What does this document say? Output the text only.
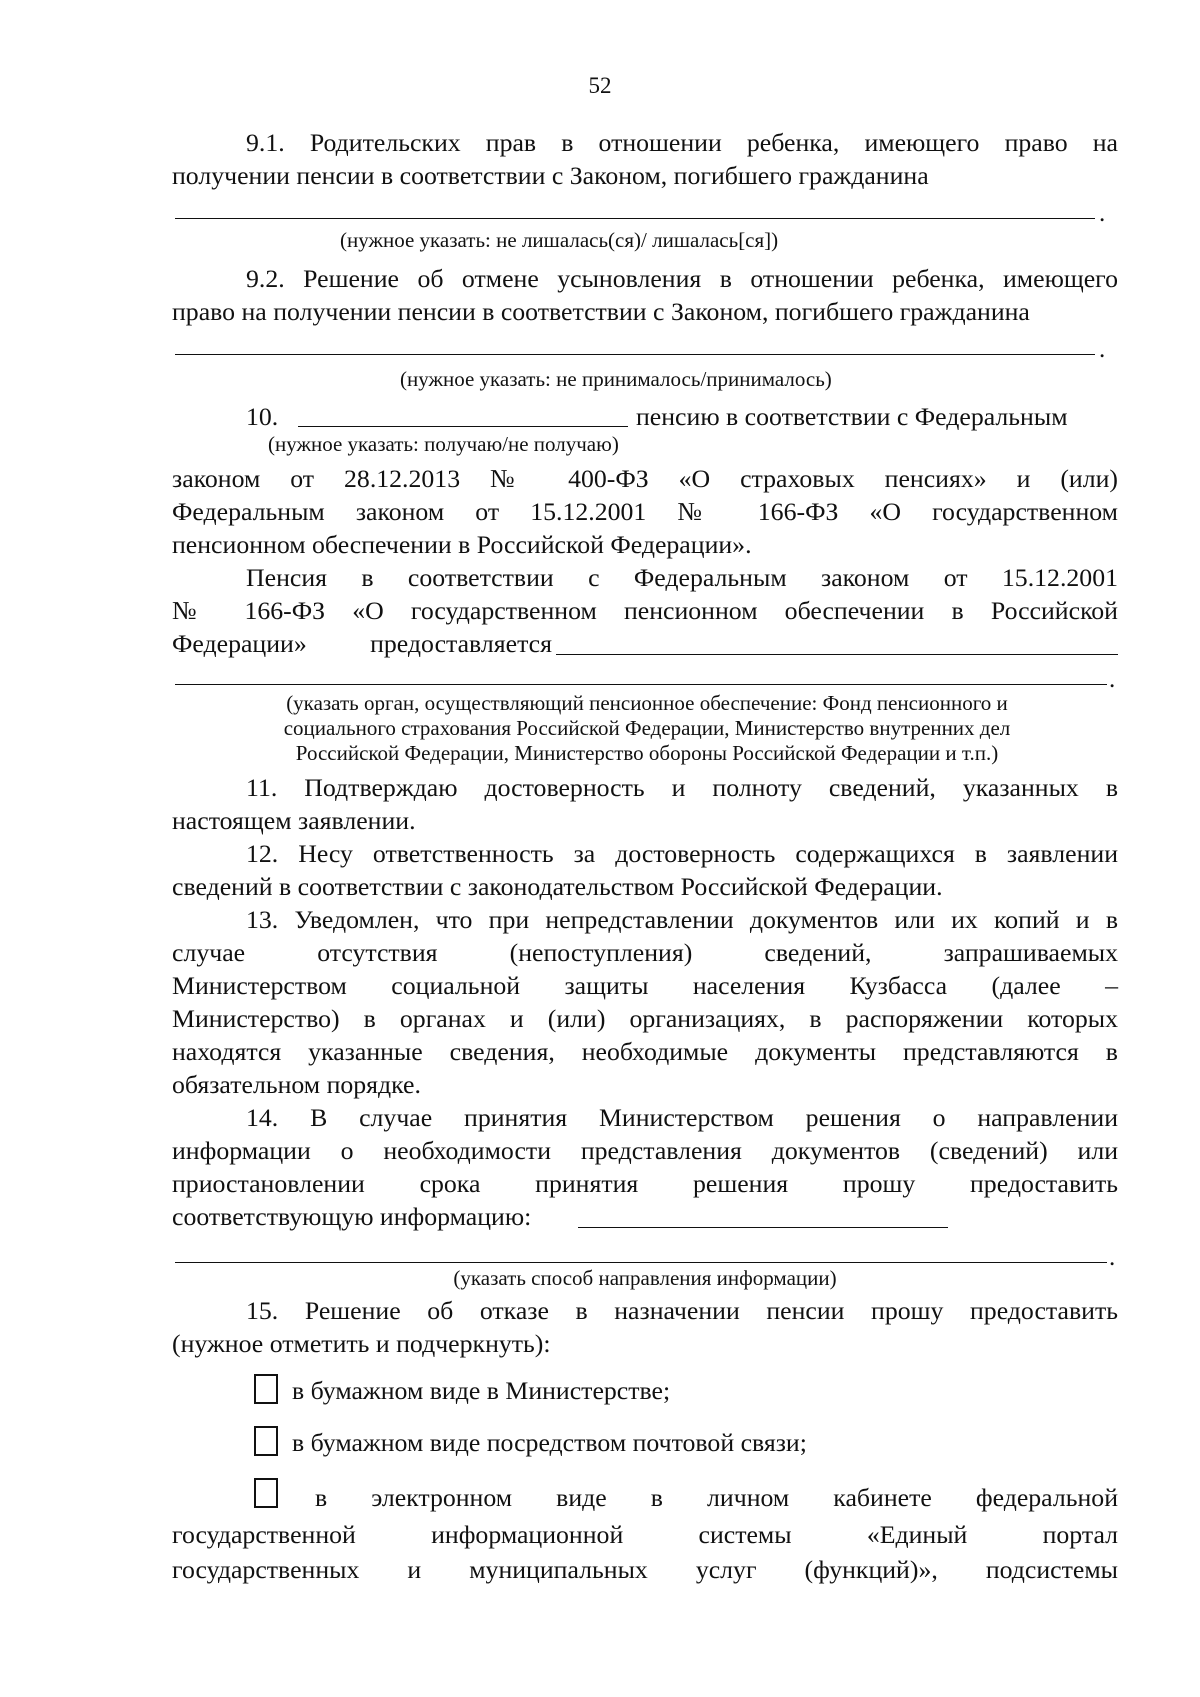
52

9.1. Родительских прав в отношении ребенка, имеющего право на

получении пенсии в соответствии с Законом, погибшего гражданина

.

(нужное указать: не лишалась(ся)/ лишалась[ся])

9.2. Решение об отмене усыновления в отношении ребенка, имеющего

право на получении пенсии в соответствии с Законом, погибшего гражданина

.

(нужное указать: не принималось/принималось)

10.	пенсию в соответствии с Федеральным

(нужное указать: получаю/не получаю)

законом от 28.12.2013 № 400-ФЗ «О страховых пенсиях» и (или)

Федеральным законом от 15.12.2001 № 166-ФЗ «О государственном

пенсионном обеспечении в Российской Федерации».

Пенсия в соответствии с Федеральным законом от 15.12.2001

№ 166-ФЗ «О государственном пенсионном обеспечении в Российской

Федерации» предоставляется

.

(указать орган, осуществляющий пенсионное обеспечение: Фонд пенсионного и

социального страхования Российской Федерации, Министерство внутренних дел

Российской Федерации, Министерство обороны Российской Федерации и т.п.)

11. Подтверждаю достоверность и полноту сведений, указанных в

настоящем заявлении.

12. Несу ответственность за достоверность содержащихся в заявлении

сведений в соответствии с законодательством Российской Федерации.

13. Уведомлен, что при непредставлении документов или их копий и в

случае отсутствия (непоступления) сведений, запрашиваемых

Министерством социальной защиты населения Кузбасса (далее –

Министерство) в органах и (или) организациях, в распоряжении которых

находятся указанные сведения, необходимые документы представляются в

обязательном порядке.

14. В случае принятия Министерством решения о направлении

информации о необходимости представления документов (сведений) или

приостановлении срока принятия решения прошу предоставить

соответствующую информацию:

.

(указать способ направления информации)

15. Решение об отказе в назначении пенсии прошу предоставить

(нужное отметить и подчеркнуть):

в бумажном виде в Министерстве;

в бумажном виде посредством почтовой связи;

в электронном виде в личном кабинете федеральной

государственной информационной системы «Единый портал

государственных и муниципальных услуг (функций)», подсистемы
